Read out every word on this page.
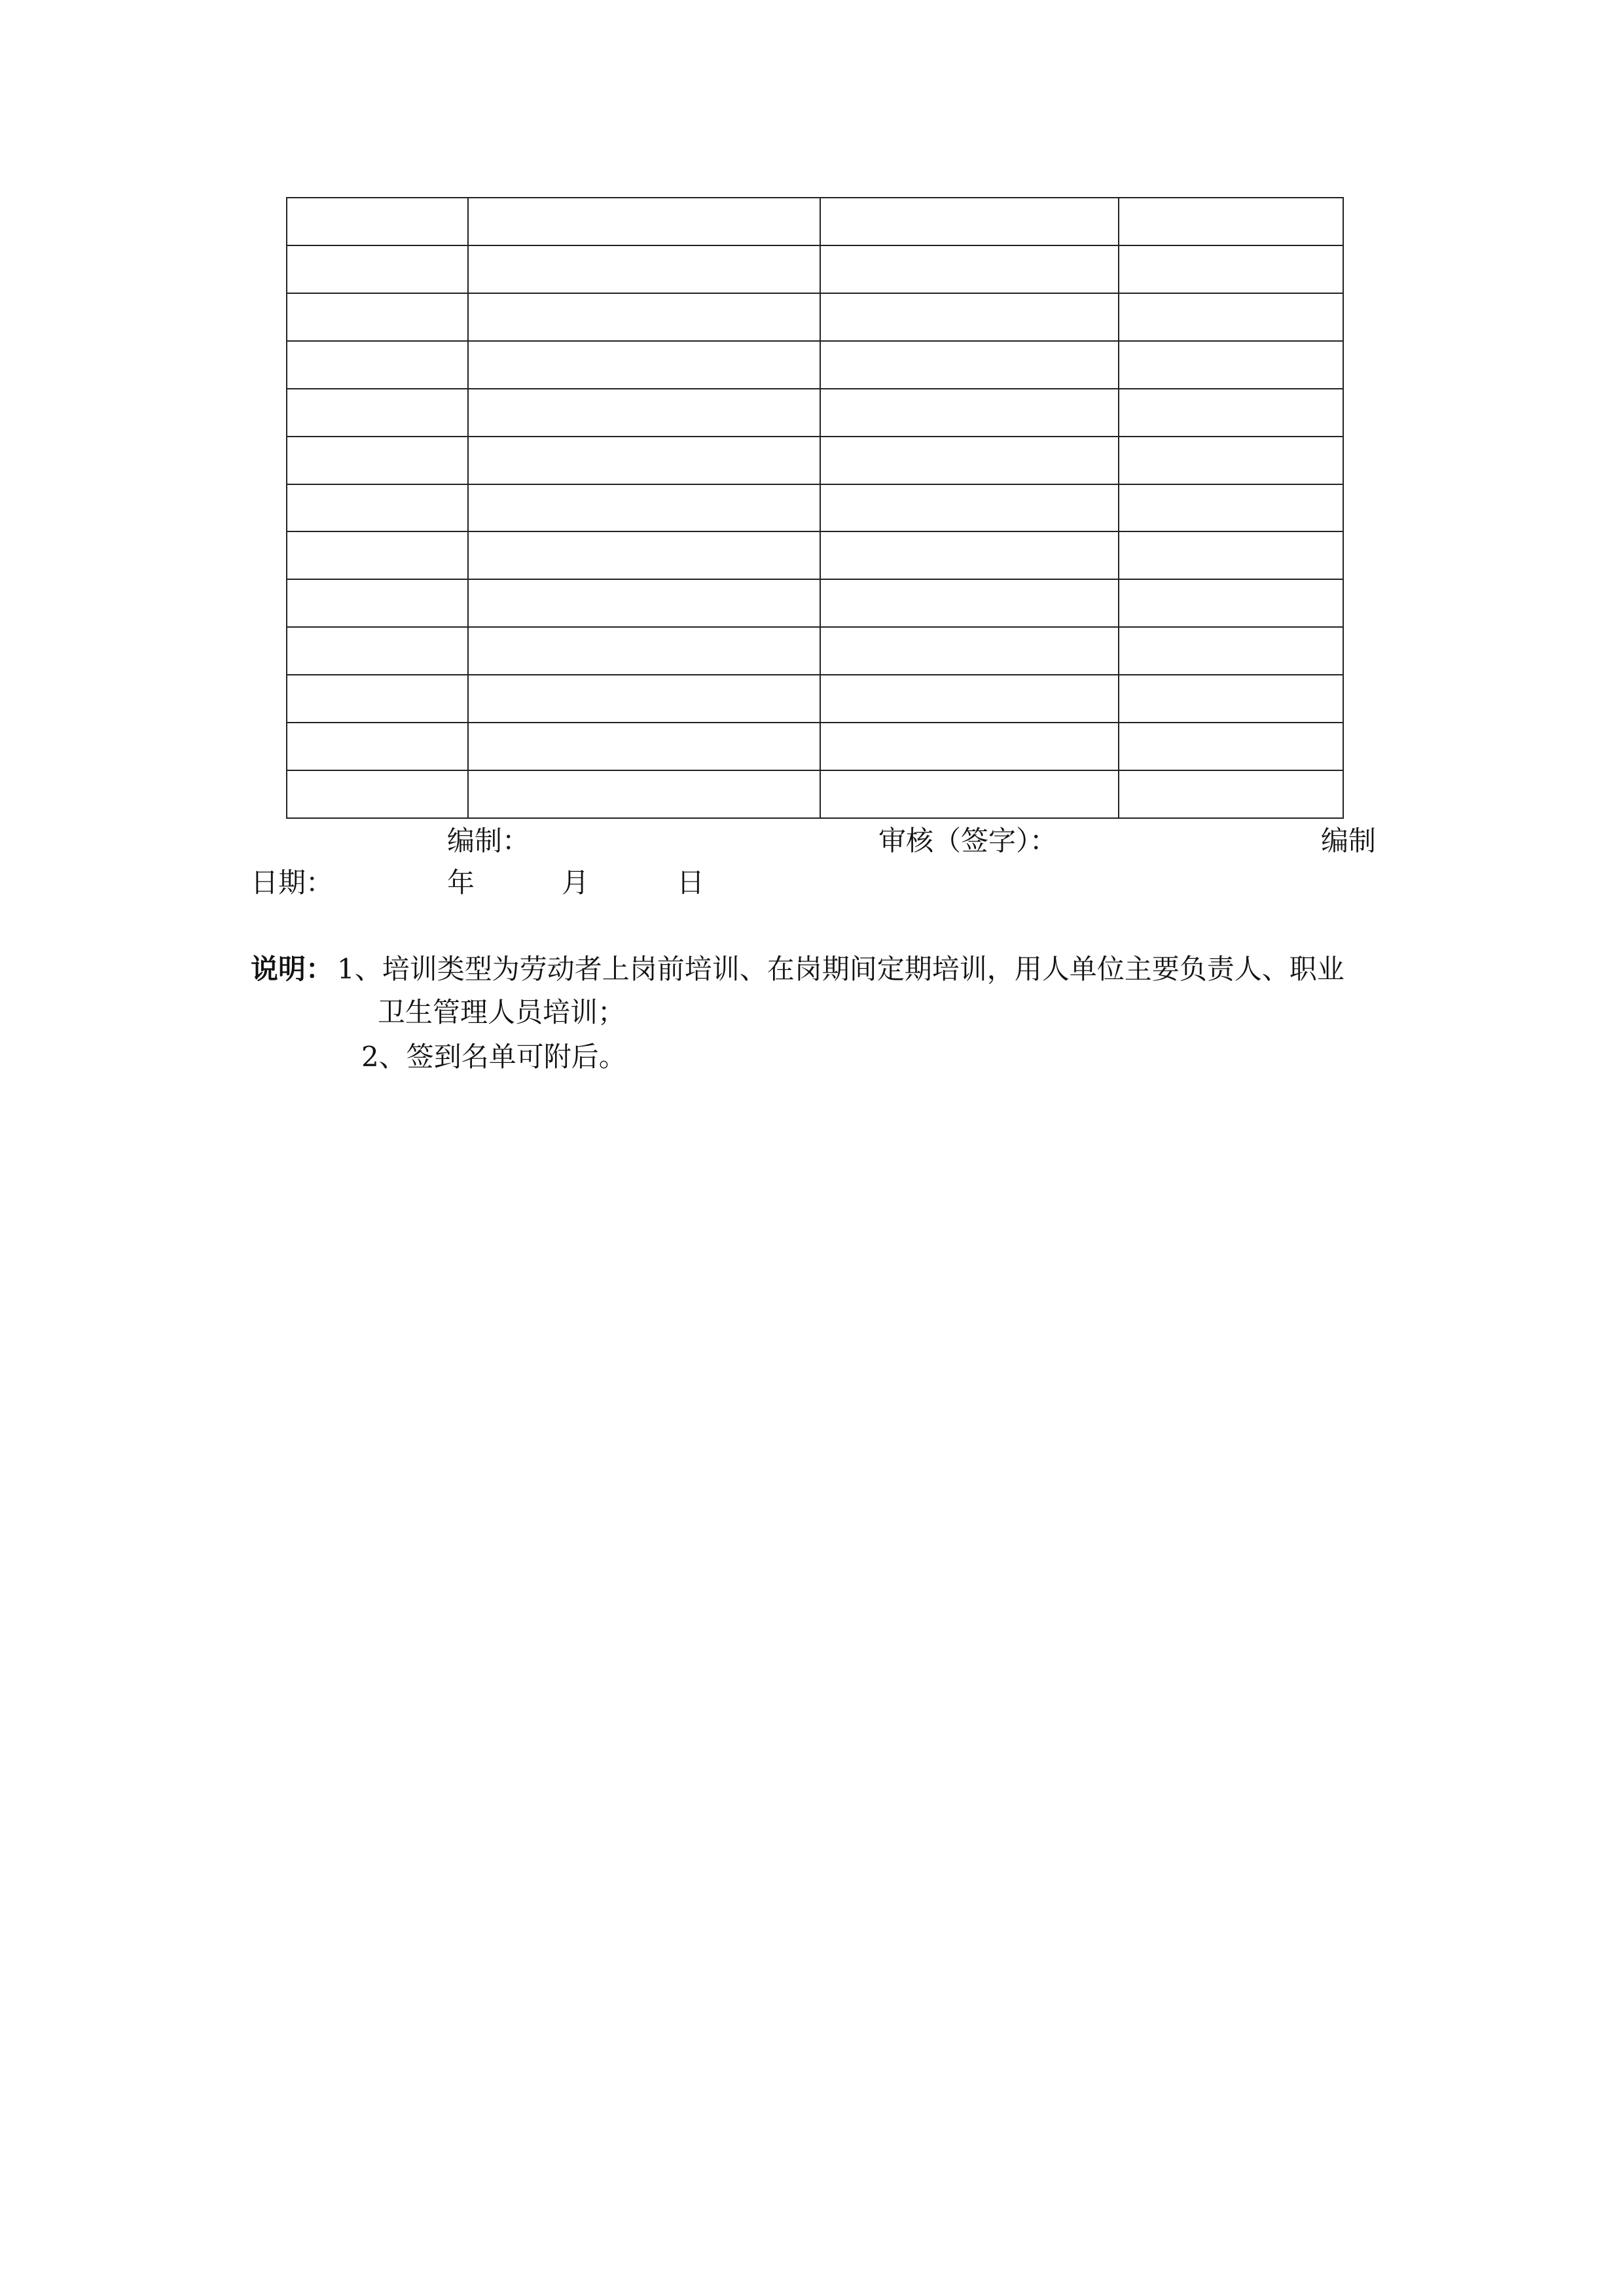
编制：	审核（签字）：	编制
日期：	年	月	日
说明： 1、培训类型为劳动者上岗前培训、在岗期间定期培训，用人单位主要负责人、职业
卫生管理人员培训；
2、签到名单可附后。
